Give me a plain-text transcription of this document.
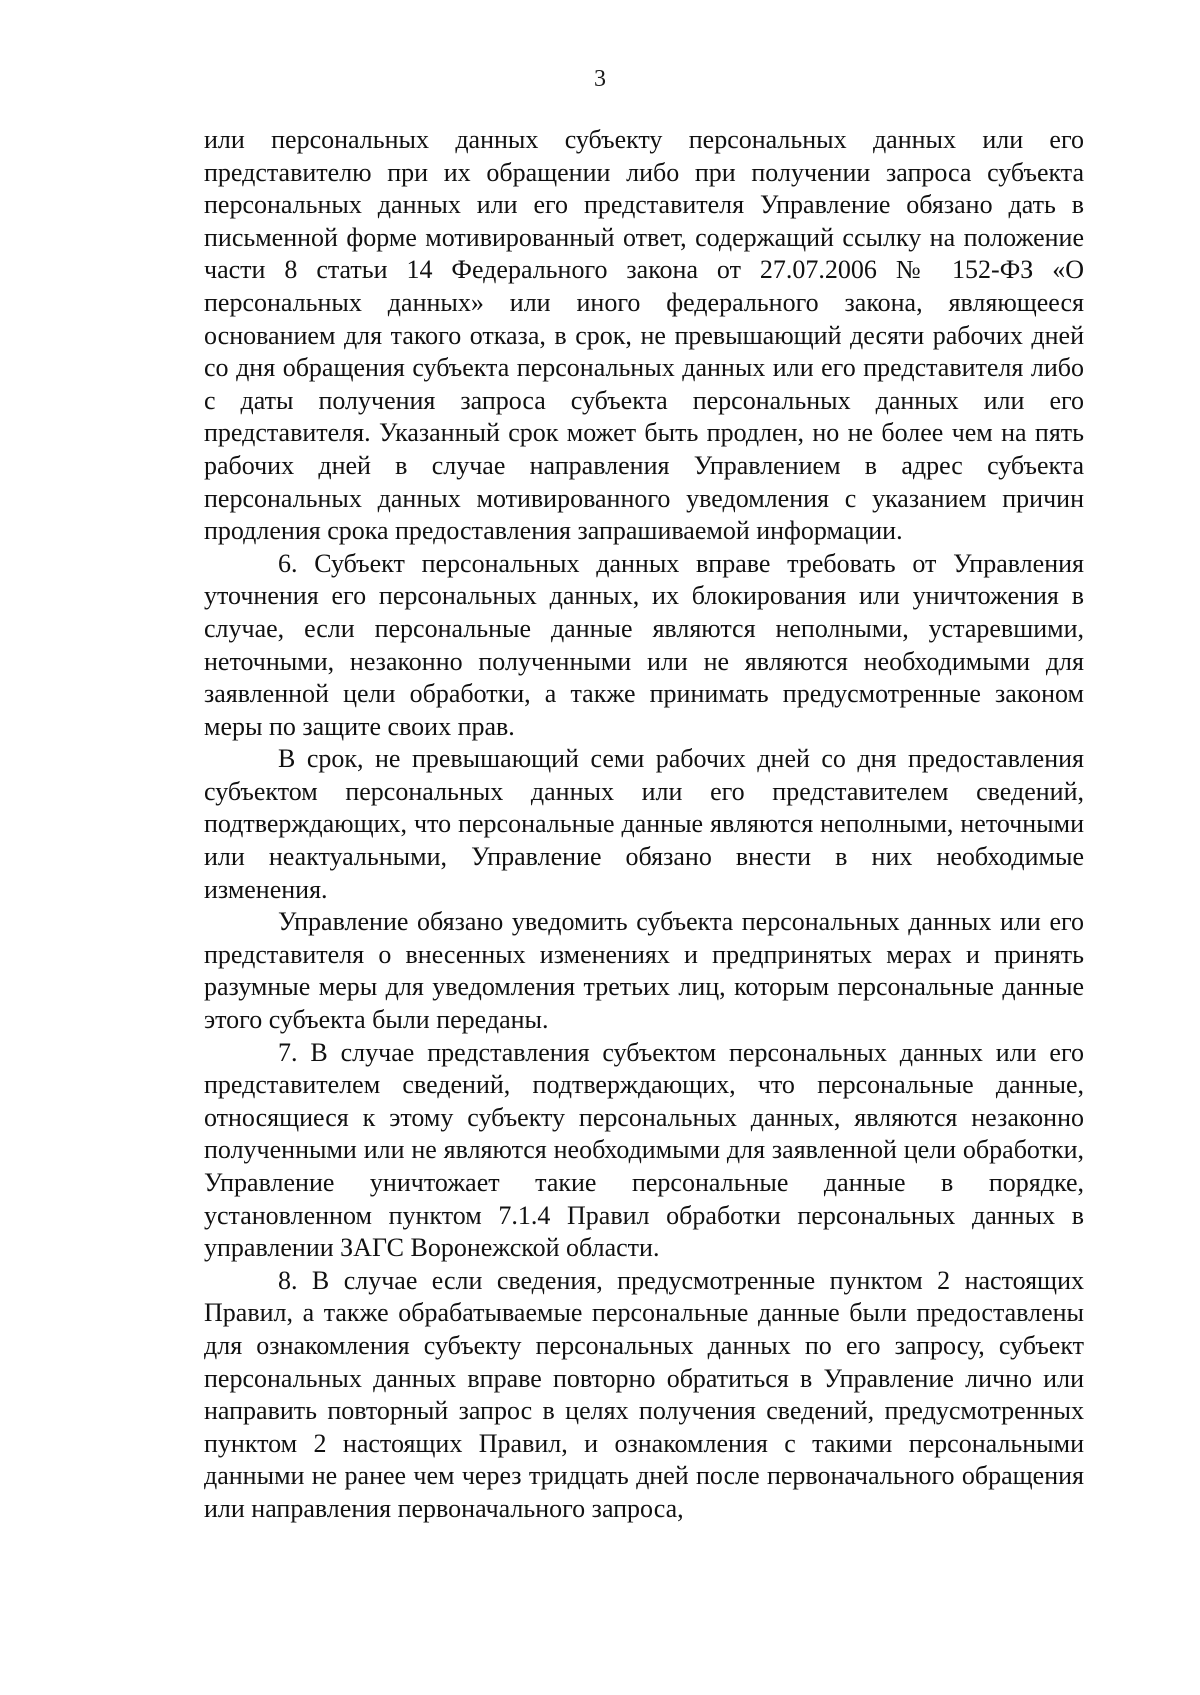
3

или персональных данных субъекту персональных данных или его представителю при их обращении либо при получении запроса субъекта персональных данных или его представителя Управление обязано дать в письменной форме мотивированный ответ, содержащий ссылку на положение части 8 статьи 14 Федерального закона от 27.07.2006 № 152-ФЗ «О персональных данных» или иного федерального закона, являющееся основанием для такого отказа, в срок, не превышающий десяти рабочих дней со дня обращения субъекта персональных данных или его представителя либо с даты получения запроса субъекта персональных данных или его представителя. Указанный срок может быть продлен, но не более чем на пять рабочих дней в случае направления Управлением в адрес субъекта персональных данных мотивированного уведомления с указанием причин продления срока предоставления запрашиваемой информации.

6. Субъект персональных данных вправе требовать от Управления уточнения его персональных данных, их блокирования или уничтожения в случае, если персональные данные являются неполными, устаревшими, неточными, незаконно полученными или не являются необходимыми для заявленной цели обработки, а также принимать предусмотренные законом меры по защите своих прав.

В срок, не превышающий семи рабочих дней со дня предоставления субъектом персональных данных или его представителем сведений, подтверждающих, что персональные данные являются неполными, неточными или неактуальными, Управление обязано внести в них необходимые изменения.

Управление обязано уведомить субъекта персональных данных или его представителя о внесенных изменениях и предпринятых мерах и принять разумные меры для уведомления третьих лиц, которым персональные данные этого субъекта были переданы.

7. В случае представления субъектом персональных данных или его представителем сведений, подтверждающих, что персональные данные, относящиеся к этому субъекту персональных данных, являются незаконно полученными или не являются необходимыми для заявленной цели обработки, Управление уничтожает такие персональные данные в порядке, установленном пунктом 7.1.4 Правил обработки персональных данных в управлении ЗАГС Воронежской области.

8. В случае если сведения, предусмотренные пунктом 2 настоящих Правил, а также обрабатываемые персональные данные были предоставлены для ознакомления субъекту персональных данных по его запросу, субъект персональных данных вправе повторно обратиться в Управление лично или направить повторный запрос в целях получения сведений, предусмотренных пунктом 2 настоящих Правил, и ознакомления с такими персональными данными не ранее чем через тридцать дней после первоначального обращения или направления первоначального запроса,
